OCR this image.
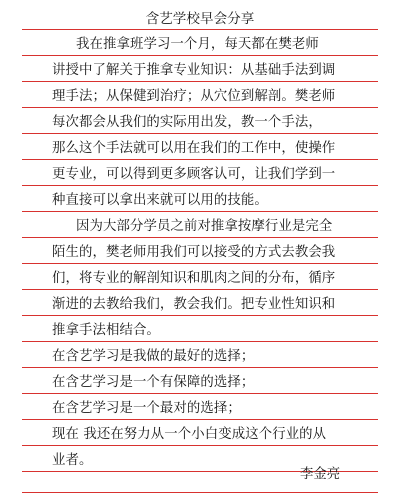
含艺学校早会分享
我在推拿班学习一个月，每天都在樊老师
讲授中了解关于推拿专业知识：从基础手法到调
理手法；从保健到治疗；从穴位到解剖。樊老师
每次都会从我们的实际用出发，教一个手法，
那么这个手法就可以用在我们的工作中，使操作
更专业，可以得到更多顾客认可，让我们学到一
种直接可以拿出来就可以用的技能。
因为大部分学员之前对推拿按摩行业是完全
陌生的，樊老师用我们可以接受的方式去教会我
们，将专业的解剖知识和肌肉之间的分布，循序
渐进的去教给我们，教会我们。把专业性知识和
推拿手法相结合。
在含艺学习是我做的最好的选择；
在含艺学习是一个有保障的选择；
在含艺学习是一个最对的选择；
现在 我还在努力从一个小白变成这个行业的从
业者。
李金亮
